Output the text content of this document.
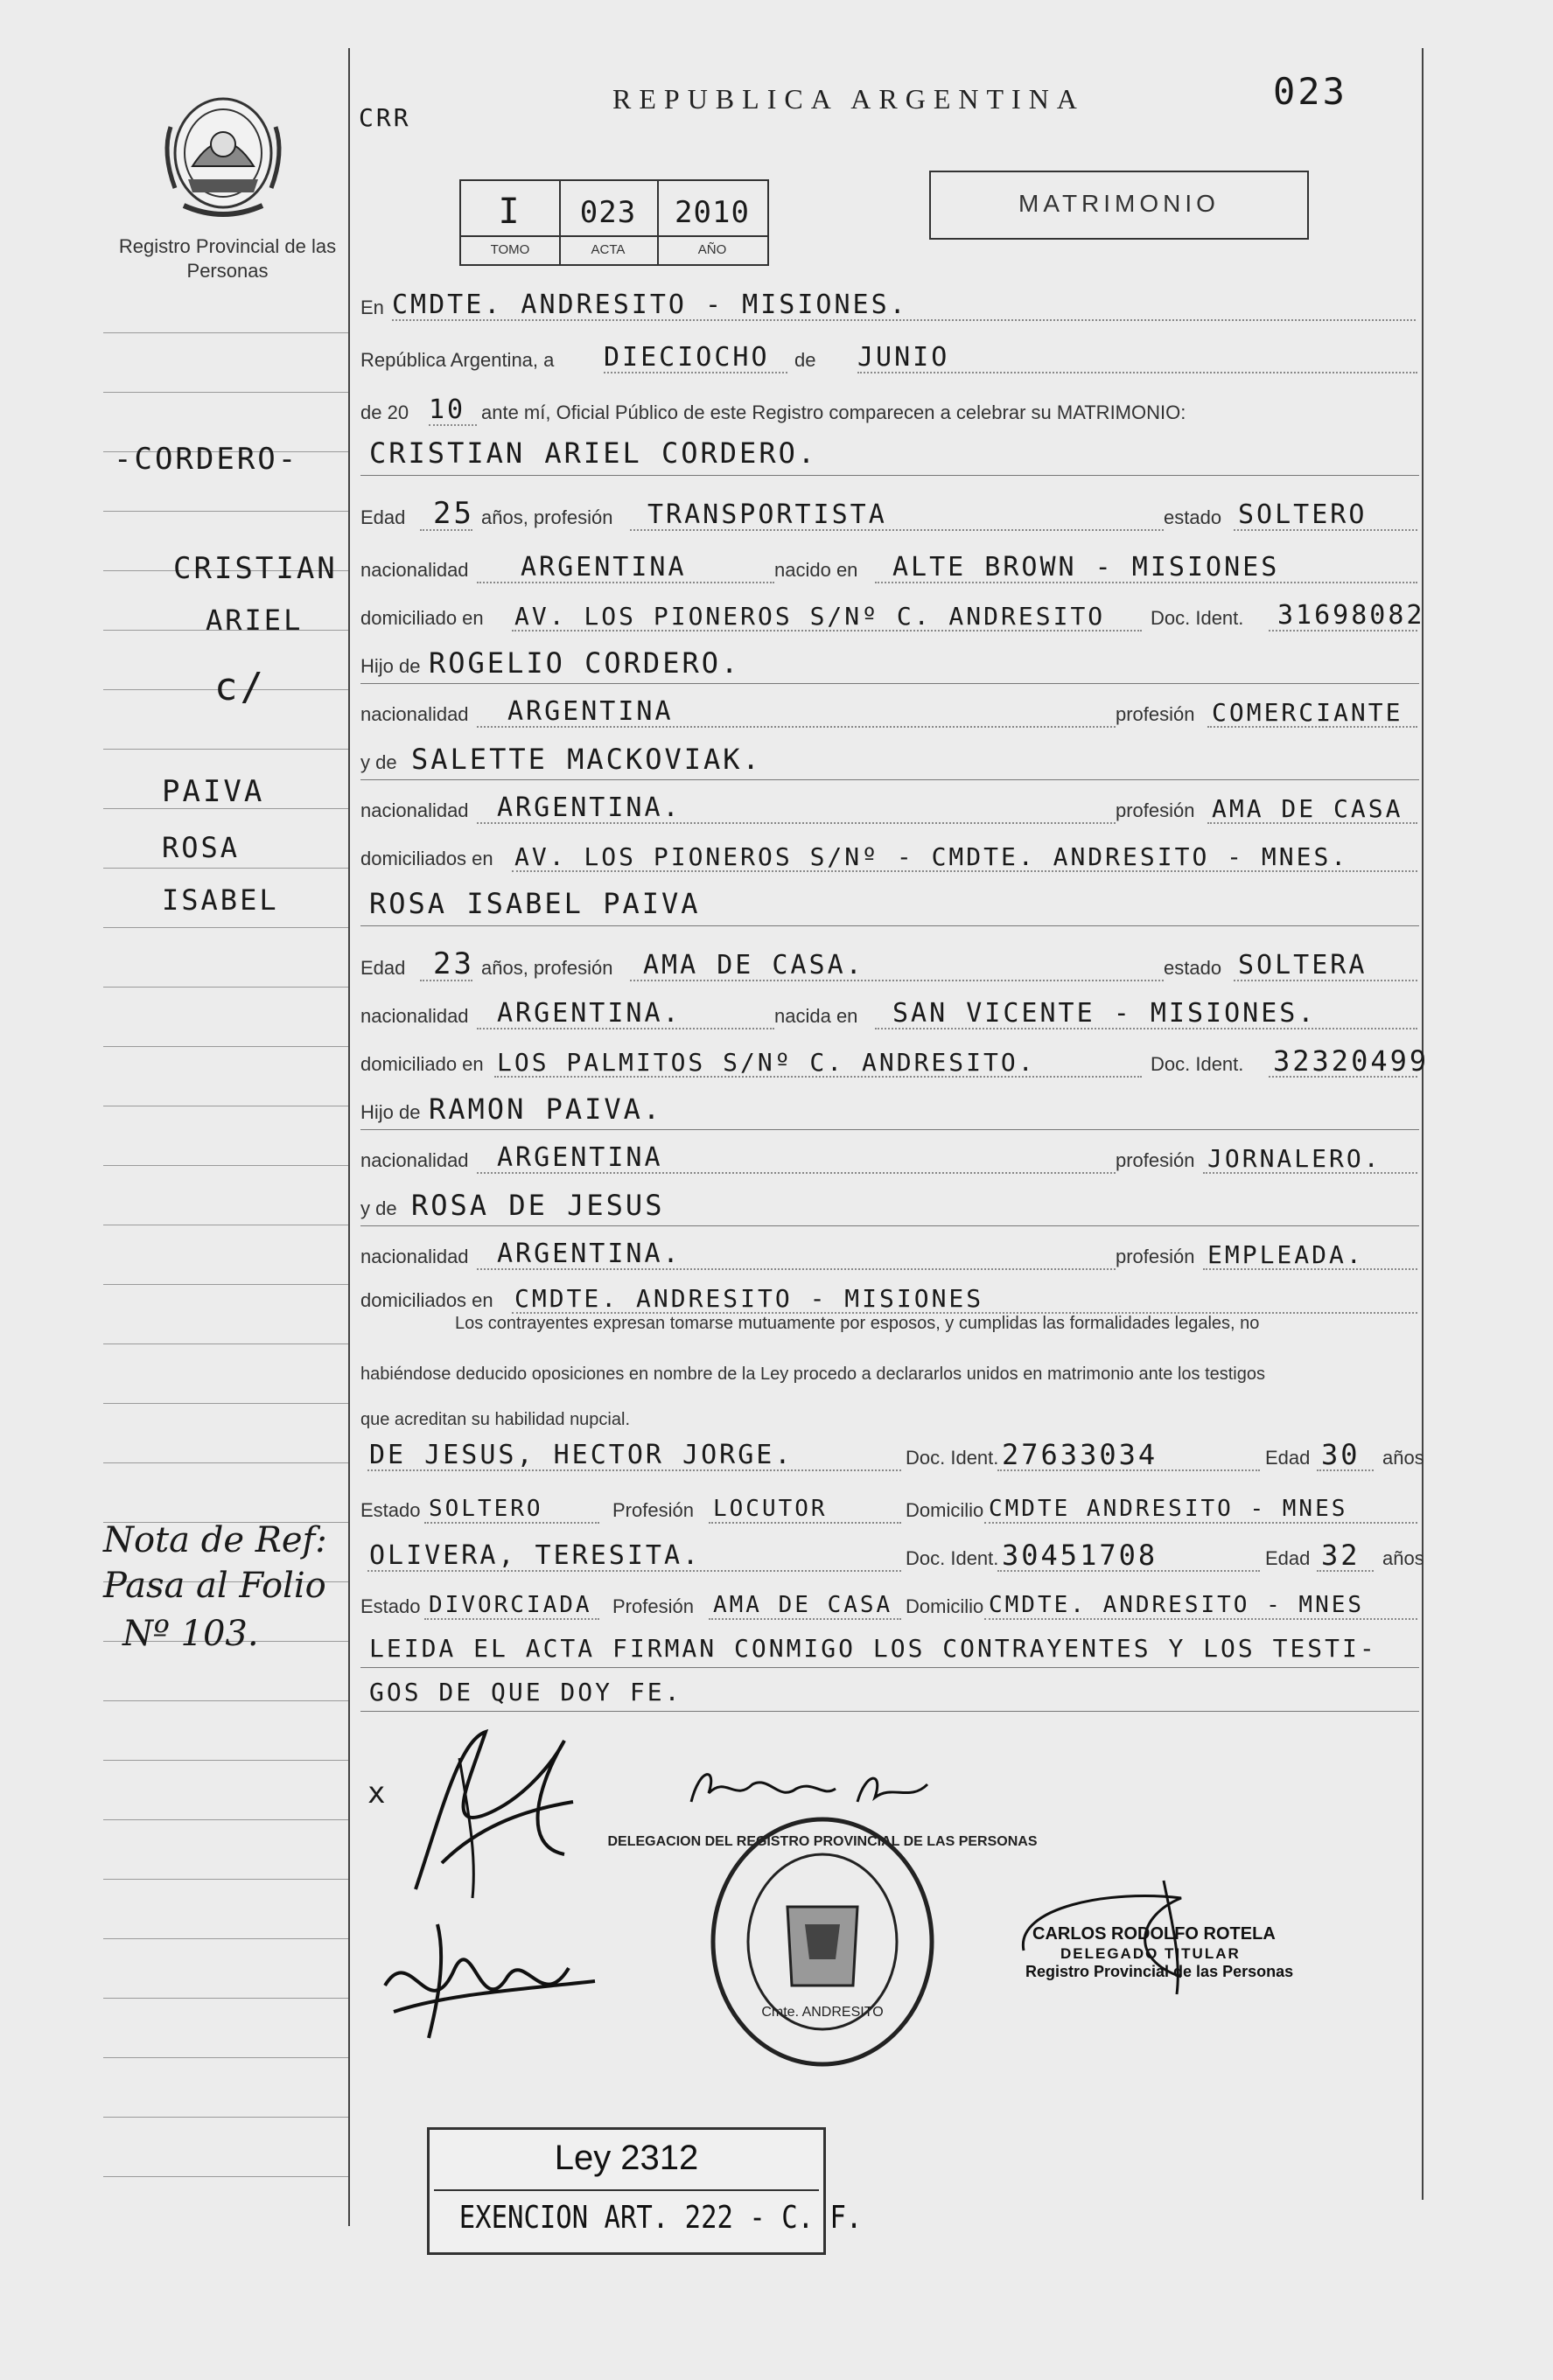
Registro Provincial de las Personas
-CORDERO-
CRISTIAN
ARIEL
c/
PAIVA
ROSA
ISABEL
Nota de Ref:
Pasa al Folio
Nº 103.
CRR
REPUBLICA ARGENTINA	023
I	023	2010
TOMO	ACTA	AÑO
MATRIMONIO
En CMDTE. ANDRESITO - MISIONES.
República Argentina, a DIECIOCHO de JUNIO
de 20 10 ante mí, Oficial Público de este Registro comparecen a celebrar su MATRIMONIO:
CRISTIAN ARIEL CORDERO.
Edad 25 años, profesión TRANSPORTISTA	estado SOLTERO
nacionalidad ARGENTINA	nacido en ALTE BROWN - MISIONES
domiciliado en AV. LOS PIONEROS S/Nº C. ANDRESITO Doc. Ident. 31698082
Hijo de ROGELIO CORDERO.
nacionalidad ARGENTINA	profesión COMERCIANTE
y de SALETTE MACKOVIAK.
nacionalidad ARGENTINA.	profesión AMA DE CASA
domiciliados en AV. LOS PIONEROS S/Nº - CMDTE. ANDRESITO - MNES.
ROSA ISABEL PAIVA
Edad 23 años, profesión AMA DE CASA.	estado SOLTERA
nacionalidad ARGENTINA.	nacida en SAN VICENTE - MISIONES.
domiciliado en LOS PALMITOS S/Nº C. ANDRESITO.	Doc. Ident. 32320499
Hijo de RAMON PAIVA.
nacionalidad ARGENTINA	profesión JORNALERO.
y de ROSA DE JESUS
nacionalidad ARGENTINA.	profesión EMPLEADA.
domiciliados en CMDTE. ANDRESITO - MISIONES
Los contrayentes expresan tomarse mutuamente por esposos, y cumplidas las formalidades legales, no
habiéndose deducido oposiciones en nombre de la Ley procedo a declararlos unidos en matrimonio ante los testigos
que acreditan su habilidad nupcial.
DE JESUS, HECTOR JORGE.	Doc. Ident. 27633034	Edad 30 años
Estado SOLTERO	Profesión LOCUTOR	Domicilio CMDTE ANDRESITO - MNES
OLIVERA, TERESITA.	Doc. Ident. 30451708	Edad 32 años
Estado DIVORCIADA Profesión AMA DE CASA Domicilio CMDTE. ANDRESITO - MNES
LEIDA EL ACTA FIRMAN CONMIGO LOS CONTRAYENTES Y LOS TESTI-
GOS DE QUE DOY FE.
x
DELEGACION DEL REGISTRO PROVINCIAL DE LAS PERSONAS
Cmte. ANDRESITO
CARLOS RODOLFO ROTELA
DELEGADO TITULAR
Registro Provincial de las Personas
Ley 2312
EXENCION ART. 222 - C. F.
